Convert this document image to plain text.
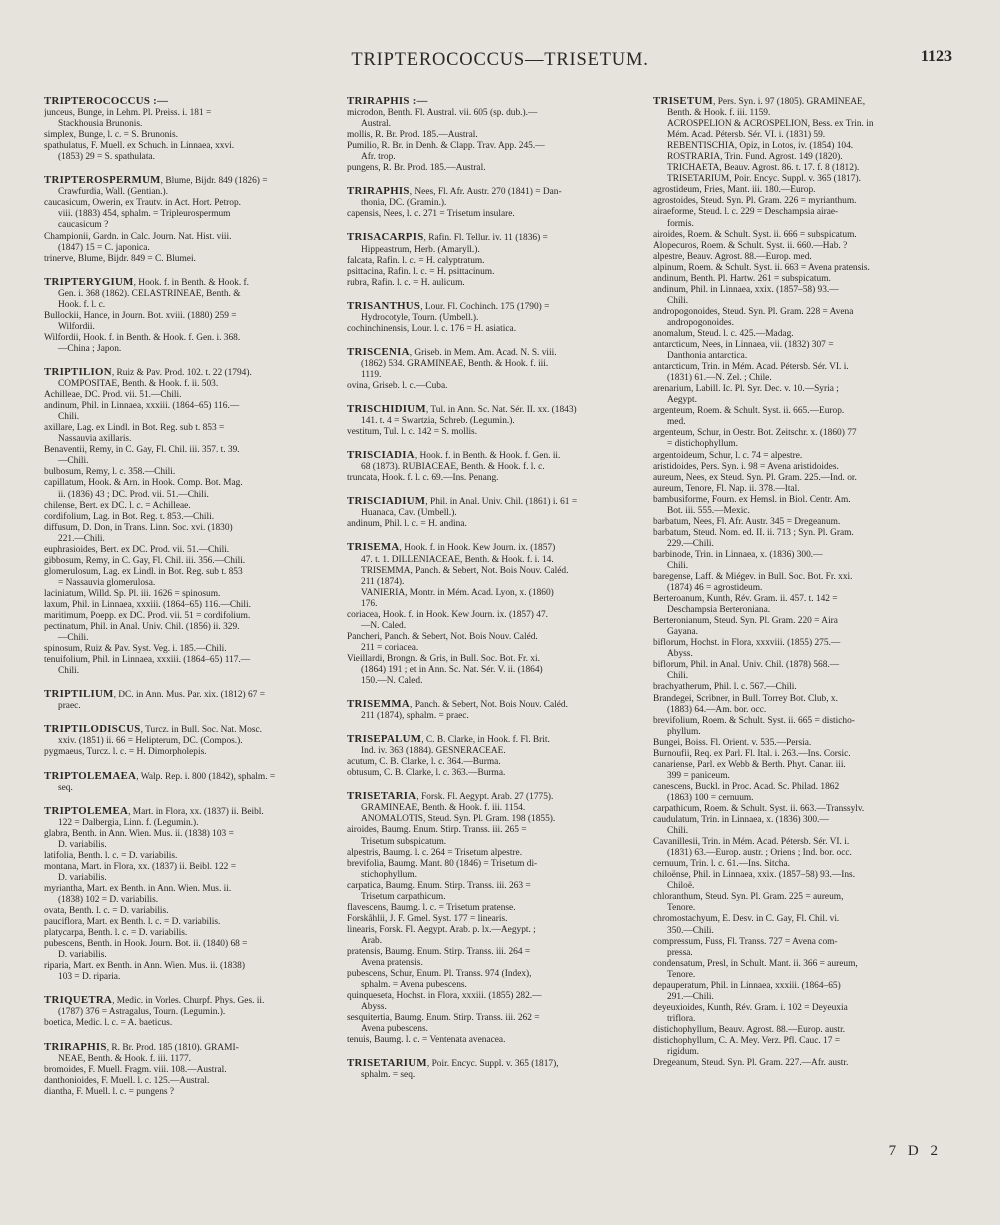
TRIPTEROCOCCUS—TRISETUM.	1123
TRIPTEROCOCCUS :—
junceus, Bunge, in Lehm. Pl. Preiss. i. 181 =
Stackhousia Brunonis.
simplex, Bunge, l. c. = S. Brunonis.
spathulatus, F. Muell. ex Schuch. in Linnaea, xxvi.
(1853) 29 = S. spathulata.
TRIPTEROSPERMUM, Blume, Bijdr. 849 (1826) =
Crawfurdia, Wall. (Gentian.).
caucasicum, Owerin, ex Trautv. in Act. Hort. Petrop.
viii. (1883) 454, sphalm. = Tripleurospermum
caucasicum ?
Championii, Gardn. in Calc. Journ. Nat. Hist. viii.
(1847) 15 = C. japonica.
trinerve, Blume, Bijdr. 849 = C. Blumei.
TRIPTERYGIUM, Hook. f. in Benth. & Hook. f.
Gen. i. 368 (1862). CELASTRINEAE, Benth. &
Hook. f. l. c.
Bullockii, Hance, in Journ. Bot. xviii. (1880) 259 =
Wilfordii.
Wilfordii, Hook. f. in Benth. & Hook. f. Gen. i. 368.
—China ; Japon.
TRIPTILION, Ruiz & Pav. Prod. 102. t. 22 (1794).
COMPOSITAE, Benth. & Hook. f. ii. 503.
Achilleae, DC. Prod. vii. 51.—Chili.
andinum, Phil. in Linnaea, xxxiii. (1864–65) 116.—
Chili.
axillare, Lag. ex Lindl. in Bot. Reg. sub t. 853 =
Nassauvia axillaris.
Benaventii, Remy, in C. Gay, Fl. Chil. iii. 357. t. 39.
—Chili.
bulbosum, Remy, l. c. 358.—Chili.
capillatum, Hook. & Arn. in Hook. Comp. Bot. Mag.
ii. (1836) 43 ; DC. Prod. vii. 51.—Chili.
chilense, Bert. ex DC. l. c. = Achilleae.
cordifolium, Lag. in Bot. Reg. t. 853.—Chili.
diffusum, D. Don, in Trans. Linn. Soc. xvi. (1830)
221.—Chili.
euphrasioides, Bert. ex DC. Prod. vii. 51.—Chili.
gibbosum, Remy, in C. Gay, Fl. Chil. iii. 356.—Chili.
glomerulosum, Lag. ex Lindl. in Bot. Reg. sub t. 853
= Nassauvia glomerulosa.
laciniatum, Willd. Sp. Pl. iii. 1626 = spinosum.
laxum, Phil. in Linnaea, xxxiii. (1864–65) 116.—Chili.
maritimum, Poepp. ex DC. Prod. vii. 51 = cordifolium.
pectinatum, Phil. in Anal. Univ. Chil. (1856) ii. 329.
—Chili.
spinosum, Ruiz & Pav. Syst. Veg. i. 185.—Chili.
tenuifolium, Phil. in Linnaea, xxxiii. (1864–65) 117.—
Chili.
TRIPTILIUM, DC. in Ann. Mus. Par. xix. (1812) 67 =
praec.
TRIPTILODISCUS, Turcz. in Bull. Soc. Nat. Mosc.
xxiv. (1851) ii. 66 = Helipterum, DC. (Compos.).
pygmaeus, Turcz. l. c. = H. Dimorpholepis.
TRIPTOLEMAEA, Walp. Rep. i. 800 (1842), sphalm. =
seq.
TRIPTOLEMEA, Mart. in Flora, xx. (1837) ii. Beibl.
122 = Dalbergia, Linn. f. (Legumin.).
glabra, Benth. in Ann. Wien. Mus. ii. (1838) 103 =
D. variabilis.
latifolia, Benth. l. c. = D. variabilis.
montana, Mart. in Flora, xx. (1837) ii. Beibl. 122 =
D. variabilis.
myriantha, Mart. ex Benth. in Ann. Wien. Mus. ii.
(1838) 102 = D. variabilis.
ovata, Benth. l. c. = D. variabilis.
pauciflora, Mart. ex Benth. l. c. = D. variabilis.
platycarpa, Benth. l. c. = D. variabilis.
pubescens, Benth. in Hook. Journ. Bot. ii. (1840) 68 =
D. variabilis.
riparia, Mart. ex Benth. in Ann. Wien. Mus. ii. (1838)
103 = D. riparia.
TRIQUETRA, Medic. in Vorles. Churpf. Phys. Ges. ii.
(1787) 376 = Astragalus, Tourn. (Legumin.).
boetica, Medic. l. c. = A. baeticus.
TRIRAPHIS, R. Br. Prod. 185 (1810). GRAMI-
NEAE, Benth. & Hook. f. iii. 1177.
bromoides, F. Muell. Fragm. viii. 108.—Austral.
danthonioides, F. Muell. l. c. 125.—Austral.
diantha, F. Muell. l. c. = pungens ?
TRIRAPHIS :—
microdon, Benth. Fl. Austral. vii. 605 (sp. dub.).—
Austral.
mollis, R. Br. Prod. 185.—Austral.
Pumilio, R. Br. in Denh. & Clapp. Trav. App. 245.—
Afr. trop.
pungens, R. Br. Prod. 185.—Austral.
TRIRAPHIS, Nees, Fl. Afr. Austr. 270 (1841) = Dan-
thonia, DC. (Gramin.).
capensis, Nees, l. c. 271 = Trisetum insulare.
TRISACARPIS, Rafin. Fl. Tellur. iv. 11 (1836) =
Hippeastrum, Herb. (Amaryll.).
falcata, Rafin. l. c. = H. calyptratum.
psittacina, Rafin. l. c. = H. psittacinum.
rubra, Rafin. l. c. = H. aulicum.
TRISANTHUS, Lour. Fl. Cochinch. 175 (1790) =
Hydrocotyle, Tourn. (Umbell.).
cochinchinensis, Lour. l. c. 176 = H. asiatica.
TRISCENIA, Griseb. in Mem. Am. Acad. N. S. viii.
(1862) 534. GRAMINEAE, Benth. & Hook. f. iii.
1119.
ovina, Griseb. l. c.—Cuba.
TRISCHIDIUM, Tul. in Ann. Sc. Nat. Sér. II. xx. (1843)
141. t. 4 = Swartzia, Schreb. (Legumin.).
vestitum, Tul. l. c. 142 = S. mollis.
TRISCIADIA, Hook. f. in Benth. & Hook. f. Gen. ii.
68 (1873). RUBIACEAE, Benth. & Hook. f. l. c.
truncata, Hook. f. l. c. 69.—Ins. Penang.
TRISCIADIUM, Phil. in Anal. Univ. Chil. (1861) i. 61 =
Huanaca, Cav. (Umbell.).
andinum, Phil. l. c. = H. andina.
TRISEMA, Hook. f. in Hook. Kew Journ. ix. (1857)
47. t. 1. DILLENIACEAE, Benth. & Hook. f. i. 14.
TRISEMMA, Panch. & Sebert, Not. Bois Nouv. Caléd.
211 (1874).
VANIERIA, Montr. in Mém. Acad. Lyon, x. (1860)
176.
coriacea, Hook. f. in Hook. Kew Journ. ix. (1857) 47.
—N. Caled.
Pancheri, Panch. & Sebert, Not. Bois Nouv. Caléd.
211 = coriacea.
Vieillardi, Brongn. & Gris, in Bull. Soc. Bot. Fr. xi.
(1864) 191 ; et in Ann. Sc. Nat. Sér. V. ii. (1864)
150.—N. Caled.
TRISEMMA, Panch. & Sebert, Not. Bois Nouv. Caléd.
211 (1874), sphalm. = praec.
TRISEPALUM, C. B. Clarke, in Hook. f. Fl. Brit.
Ind. iv. 363 (1884). GESNERACEAE.
acutum, C. B. Clarke, l. c. 364.—Burma.
obtusum, C. B. Clarke, l. c. 363.—Burma.
TRISETARIA, Forsk. Fl. Aegypt. Arab. 27 (1775).
GRAMINEAE, Benth. & Hook. f. iii. 1154.
ANOMALOTIS, Steud. Syn. Pl. Gram. 198 (1855).
airoides, Baumg. Enum. Stirp. Transs. iii. 265 =
Trisetum subspicatum.
alpestris, Baumg. l. c. 264 = Trisetum alpestre.
brevifolia, Baumg. Mant. 80 (1846) = Trisetum di-
stichophyllum.
carpatica, Baumg. Enum. Stirp. Transs. iii. 263 =
Trisetum carpathicum.
flavescens, Baumg. l. c. = Trisetum pratense.
Forskåhlii, J. F. Gmel. Syst. 177 = linearis.
linearis, Forsk. Fl. Aegypt. Arab. p. lx.—Aegypt. ;
Arab.
pratensis, Baumg. Enum. Stirp. Transs. iii. 264 =
Avena pratensis.
pubescens, Schur, Enum. Pl. Transs. 974 (Index),
sphalm. = Avena pubescens.
quinqueseta, Hochst. in Flora, xxxiii. (1855) 282.—
Abyss.
sesquitertia, Baumg. Enum. Stirp. Transs. iii. 262 =
Avena pubescens.
tenuis, Baumg. l. c. = Ventenata avenacea.
TRISETARIUM, Poir. Encyc. Suppl. v. 365 (1817),
sphalm. = seq.
TRISETUM, Pers. Syn. i. 97 (1805). GRAMINEAE,
Benth. & Hook. f. iii. 1159.
ACROSPELION & ACROSPELION, Bess. ex Trin. in
Mém. Acad. Pétersb. Sér. VI. i. (1831) 59.
REBENTISCHIA, Opiz, in Lotos, iv. (1854) 104.
ROSTRARIA, Trin. Fund. Agrost. 149 (1820).
TRICHAETA, Beauv. Agrost. 86. t. 17. f. 8 (1812).
TRISETARIUM, Poir. Encyc. Suppl. v. 365 (1817).
agrostideum, Fries, Mant. iii. 180.—Europ.
agrostoides, Steud. Syn. Pl. Gram. 226 = myrianthum.
airaeforme, Steud. l. c. 229 = Deschampsia airae-
formis.
airoides, Roem. & Schult. Syst. ii. 666 = subspicatum.
Alopecuros, Roem. & Schult. Syst. ii. 660.—Hab. ?
alpestre, Beauv. Agrost. 88.—Europ. med.
alpinum, Roem. & Schult. Syst. ii. 663 = Avena pratensis.
andinum, Benth. Pl. Hartw. 261 = subspicatum.
andinum, Phil. in Linnaea, xxix. (1857–58) 93.—
Chili.
andropogonoides, Steud. Syn. Pl. Gram. 228 = Avena
andropogonoides.
anomalum, Steud. l. c. 425.—Madag.
antarcticum, Nees, in Linnaea, vii. (1832) 307 =
Danthonia antarctica.
antarcticum, Trin. in Mém. Acad. Pétersb. Sér. VI. i.
(1831) 61.—N. Zel. ; Chile.
arenarium, Labill. Ic. Pl. Syr. Dec. v. 10.—Syria ;
Aegypt.
argenteum, Roem. & Schult. Syst. ii. 665.—Europ.
med.
argenteum, Schur, in Oestr. Bot. Zeitschr. x. (1860) 77
= distichophyllum.
argentoideum, Schur, l. c. 74 = alpestre.
aristidoides, Pers. Syn. i. 98 = Avena aristidoides.
aureum, Nees, ex Steud. Syn. Pl. Gram. 225.—Ind. or.
aureum, Tenore, Fl. Nap. ii. 378.—Ital.
bambusiforme, Fourn. ex Hemsl. in Biol. Centr. Am.
Bot. iii. 555.—Mexic.
barbatum, Nees, Fl. Afr. Austr. 345 = Dregeanum.
barbatum, Steud. Nom. ed. II. ii. 713 ; Syn. Pl. Gram.
229.—Chili.
barbinode, Trin. in Linnaea, x. (1836) 300.—
Chili.
baregense, Laff. & Miégev. in Bull. Soc. Bot. Fr. xxi.
(1874) 46 = agrostideum.
Berteroanum, Kunth, Rév. Gram. ii. 457. t. 142 =
Deschampsia Berteroniana.
Berteronianum, Steud. Syn. Pl. Gram. 220 = Aira
Gayana.
biflorum, Hochst. in Flora, xxxviii. (1855) 275.—
Abyss.
biflorum, Phil. in Anal. Univ. Chil. (1878) 568.—
Chili.
brachyatherum, Phil. l. c. 567.—Chili.
Brandegei, Scribner, in Bull. Torrey Bot. Club, x.
(1883) 64.—Am. bor. occ.
brevifolium, Roem. & Schult. Syst. ii. 665 = disticho-
phyllum.
Bungei, Boiss. Fl. Orient. v. 535.—Persia.
Burnoufii, Req. ex Parl. Fl. Ital. i. 263.—Ins. Corsic.
canariense, Parl. ex Webb & Berth. Phyt. Canar. iii.
399 = paniceum.
canescens, Buckl. in Proc. Acad. Sc. Philad. 1862
(1863) 100 = cernuum.
carpathicum, Roem. & Schult. Syst. ii. 663.—Transsylv.
caudulatum, Trin. in Linnaea, x. (1836) 300.—
Chili.
Cavanillesii, Trin. in Mém. Acad. Pétersb. Sér. VI. i.
(1831) 63.—Europ. austr. ; Oriens ; Ind. bor. occ.
cernuum, Trin. l. c. 61.—Ins. Sitcha.
chiloënse, Phil. in Linnaea, xxix. (1857–58) 93.—Ins.
Chiloë.
chloranthum, Steud. Syn. Pl. Gram. 225 = aureum,
Tenore.
chromostachyum, E. Desv. in C. Gay, Fl. Chil. vi.
350.—Chili.
compressum, Fuss, Fl. Transs. 727 = Avena com-
pressa.
condensatum, Presl, in Schult. Mant. ii. 366 = aureum,
Tenore.
depauperatum, Phil. in Linnaea, xxxiii. (1864–65)
291.—Chili.
deyeuxioides, Kunth, Rév. Gram. i. 102 = Deyeuxia
triflora.
distichophyllum, Beauv. Agrost. 88.—Europ. austr.
distichophyllum, C. A. Mey. Verz. Pfl. Cauc. 17 =
rigidum.
Dregeanum, Steud. Syn. Pl. Gram. 227.—Afr. austr.
7 D 2
